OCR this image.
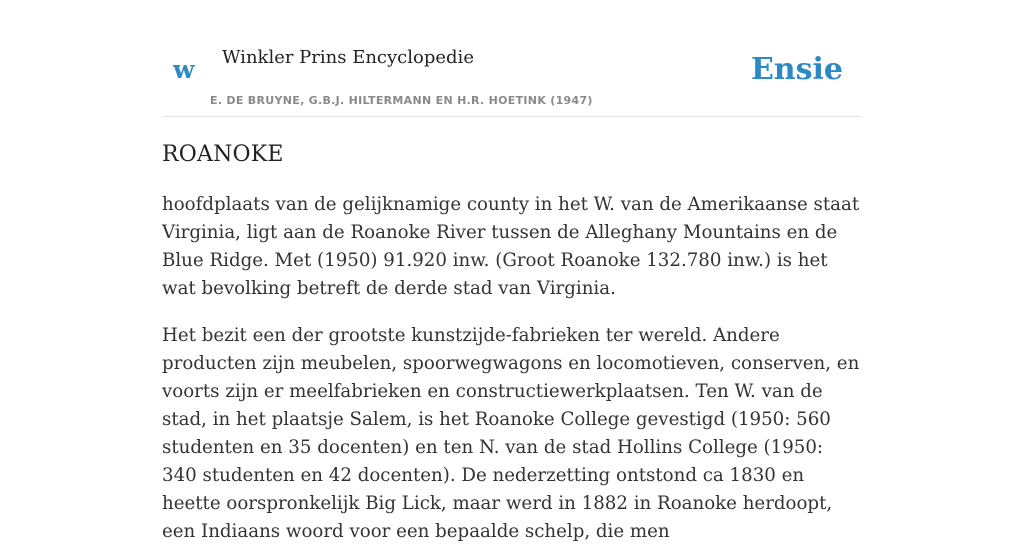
w Winkler Prins Encyclopedie
E. DE BRUYNE, G.B.J. HILTERMANN EN H.R. HOETINK (1947)
Ensie
ROANOKE

hoofdplaats van de gelijknamige county in het W. van de Amerikaanse staat Virginia, ligt aan de Roanoke River tussen de Alleghany Mountains en de Blue Ridge. Met (1950) 91.920 inw. (Groot Roanoke 132.780 inw.) is het wat bevolking betreft de derde stad van Virginia.

Het bezit een der grootste kunstzijde-fabrieken ter wereld. Andere producten zijn meubelen, spoorwegwagons en locomotieven, conserven, en voorts zijn er meelfabrieken en constructiewerkplaatsen. Ten W. van de stad, in het plaatsje Salem, is het Roanoke College gevestigd (1950: 560 studenten en 35 docenten) en ten N. van de stad Hollins College (1950: 340 studenten en 42 docenten). De nederzetting ontstond ca 1830 en heette oorspronkelijk Big Lick, maar werd in 1882 in Roanoke herdoopt, een Indiaans woord voor een bepaalde schelp, die men
